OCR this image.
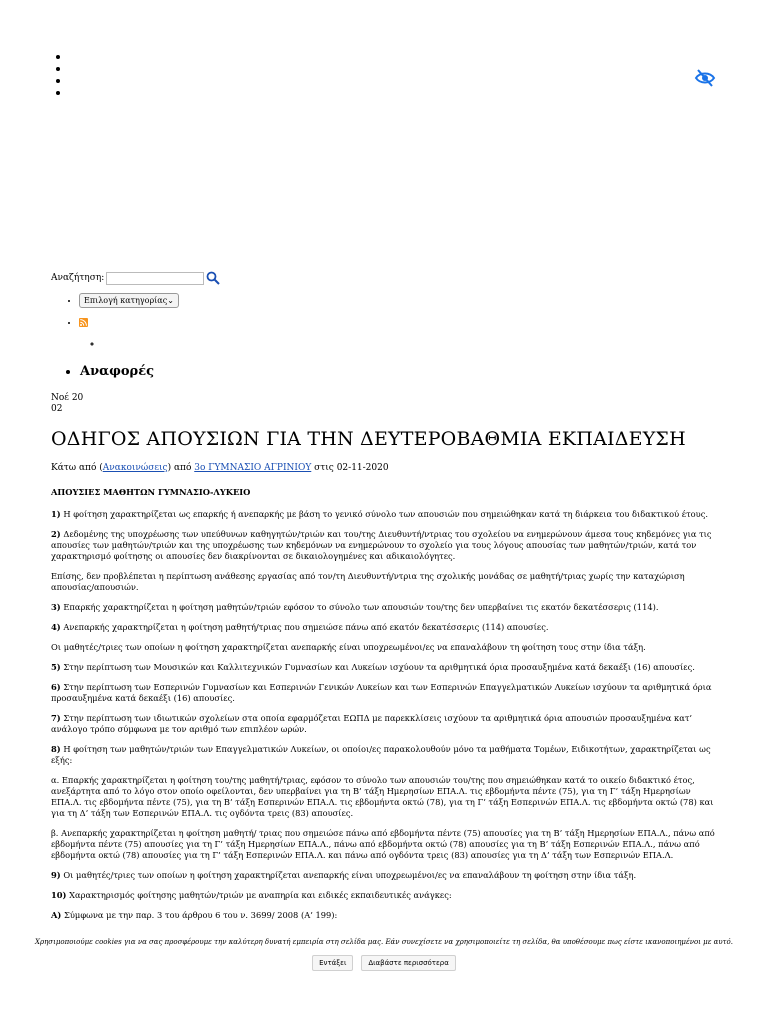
Αναζήτηση:
• Επιλογή κατηγορίας ⌄
•
• Αναφορές
Νοέ 20
02
ΟΔΗΓΟΣ ΑΠΟΥΣΙΩΝ ΓΙΑ ΤΗΝ ΔΕΥΤΕΡΟΒΑΘΜΙΑ ΕΚΠΑΙΔΕΥΣΗ
Κάτω από (Ανακοινώσεις) από 3ο ΓΥΜΝΑΣΙΟ ΑΓΡΙΝΙΟΥ στις 02-11-2020

ΑΠΟΥΣΙΕΣ ΜΑΘΗΤΩΝ ΓΥΜΝΑΣΙΟ-ΛΥΚΕΙΟ

1) Η φοίτηση χαρακτηρίζεται ως επαρκής ή ανεπαρκής με βάση το γενικό σύνολο των απουσιών που σημειώθηκαν κατά τη διάρκεια του διδακτικού έτους.

2) Δεδομένης της υποχρέωσης των υπεύθυνων καθηγητών/τριών και του/της Διευθυντή/ντριας του σχολείου να ενημερώνουν άμεσα τους κηδεμόνες για τις απουσίες των μαθητών/τριών και της υποχρέωσης των κηδεμόνων να ενημερώνουν το σχολείο για τους λόγους απουσίας των μαθητών/τριών, κατά τον χαρακτηρισμό φοίτησης οι απουσίες δεν διακρίνονται σε δικαιολογημένες και αδικαιολόγητες.

Επίσης, δεν προβλέπεται η περίπτωση ανάθεσης εργασίας από τον/τη Διευθυντή/ντρια της σχολικής μονάδας σε μαθητή/τριας χωρίς την καταχώριση απουσίας/απουσιών.

3) Επαρκής χαρακτηρίζεται η φοίτηση μαθητών/τριών εφόσον το σύνολο των απουσιών του/της δεν υπερβαίνει τις εκατόν δεκατέσσερις (114).

4) Ανεπαρκής χαρακτηρίζεται η φοίτηση μαθητή/τριας που σημειώσε πάνω από εκατόν δεκατέσσερις (114) απουσίες.

Οι μαθητές/τριες των οποίων η φοίτηση χαρακτηρίζεται ανεπαρκής είναι υποχρεωμένοι/ες να επαναλάβουν τη φοίτηση τους στην ίδια τάξη.

5) Στην περίπτωση των Μουσικών και Καλλιτεχνικών Γυμνασίων και Λυκείων ισχύουν τα αριθμητικά όρια προσαυξημένα κατά δεκαέξι (16) απουσίες.

6) Στην περίπτωση των Εσπερινών Γυμνασίων και Εσπερινών Γενικών Λυκείων και των Εσπερινών Επαγγελματικών Λυκείων ισχύουν τα αριθμητικά όρια προσαυξημένα κατά δεκαέξι (16) απουσίες.

7) Στην περίπτωση των ιδιωτικών σχολείων στα οποία εφαρμόζεται ΕΩΠΔ με παρεκκλίσεις ισχύουν τα αριθμητικά όρια απουσιών προσαυξημένα κατ’ ανάλογο τρόπο σύμφωνα με τον αριθμό των επιπλέον ωρών.

8) Η φοίτηση των μαθητών/τριών των Επαγγελματικών Λυκείων, οι οποίοι/ες παρακολουθούν μόνο τα μαθήματα Τομέων, Ειδικοτήτων, χαρακτηρίζεται ως εξής:

α. Επαρκής χαρακτηρίζεται η φοίτηση του/της μαθητή/τριας, εφόσον το σύνολο των απουσιών του/της που σημειώθηκαν κατά το οικείο διδακτικό έτος, ανεξάρτητα από το λόγο στον οποίο οφείλονται, δεν υπερβαίνει για τη Β’ τάξη Ημερησίων ΕΠΑ.Λ. τις εβδομήντα πέντε (75), για τη Γ’ τάξη Ημερησίων ΕΠΑ.Λ. τις εβδομήντα πέντε (75), για τη Β’ τάξη Εσπερινών ΕΠΑ.Λ. τις εβδομήντα οκτώ (78), για τη Γ’ τάξη Εσπερινών ΕΠΑ.Λ. τις εβδομήντα οκτώ (78) και για τη Δ’ τάξη των Εσπερινών ΕΠΑ.Λ. τις ογδόντα τρεις (83) απουσίες.

β. Ανεπαρκής χαρακτηρίζεται η φοίτηση μαθητή/ τριας που σημειώσε πάνω από εβδομήντα πέντε (75) απουσίες για τη Β’ τάξη Ημερησίων ΕΠΑ.Λ., πάνω από εβδομήντα πέντε (75) απουσίες για τη Γ’ τάξη Ημερησίων ΕΠΑ.Λ., πάνω από εβδομήντα οκτώ (78) απουσίες για τη Β’ τάξη Εσπερινών ΕΠΑ.Λ., πάνω από εβδομήντα οκτώ (78) απουσίες για τη Γ’ τάξη Εσπερινών ΕΠΑ.Λ. και πάνω από ογδόντα τρεις (83) απουσίες για τη Δ’ τάξη των Εσπερινών ΕΠΑ.Λ.

9) Οι μαθητές/τριες των οποίων η φοίτηση χαρακτηρίζεται ανεπαρκής είναι υποχρεωμένοι/ες να επαναλάβουν τη φοίτηση στην ίδια τάξη.

10) Χαρακτηρισμός φοίτησης μαθητών/τριών με αναπηρία και ειδικές εκπαιδευτικές ανάγκες:

Α) Σύμφωνα με την παρ. 3 του άρθρου 6 του ν. 3699/ 2008 (Α’ 199):

Χρησιμοποιούμε cookies για να σας προσφέρουμε την καλύτερη δυνατή εμπειρία στη σελίδα μας. Εάν συνεχίσετε να χρησιμοποιείτε τη σελίδα, θα υποθέσουμε πως είστε ικανοποιημένοι με αυτό.
Εντάξει	Διαβάστε περισσότερα
